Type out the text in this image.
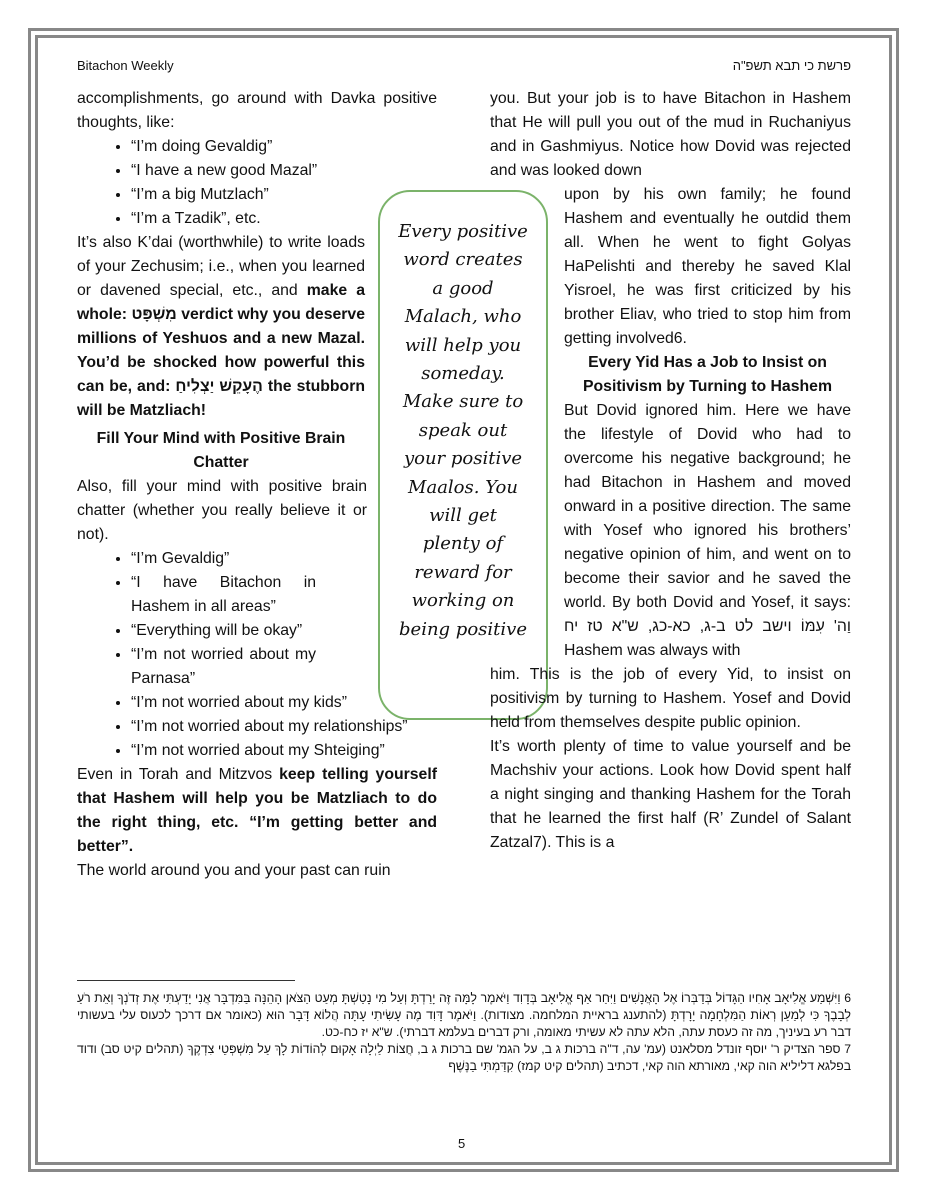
Bitachon Weekly	פרשת כי תבא תשפ"ה

accomplishments, go around with Davka positive thoughts, like:

• “I’m doing Gevaldig”
• “I have a new good Mazal”
• “I’m a big Mutzlach”
• “I’m a Tzadik”, etc.

It’s also K’dai (worthwhile) to write loads of your Zechusim; i.e., when you learned or davened special, etc., and make a whole: מִשְׁפָּט verdict why you deserve millions of Yeshuos and a new Mazal. You’d be shocked how powerful this can be, and: הֶעָקֵשׁ יַצְלִיחַ the stubborn will be Matzliach!

Fill Your Mind with Positive Brain Chatter

Also, fill your mind with positive brain chatter (whether you really believe it or not).

• “I’m Gevaldig”
• “I have Bitachon in Hashem in all areas”
• “Everything will be okay”
• “I’m not worried about my Parnasa”
• “I’m not worried about my kids”
• “I’m not worried about my relationships”
• “I’m not worried about my Shteiging”

Even in Torah and Mitzvos keep telling yourself that Hashem will help you be Matzliach to do the right thing, etc. “I’m getting better and better”.

The world around you and your past can ruin

Every positive word creates a good Malach, who will help you someday. Make sure to speak out your positive Maalos. You will get plenty of reward for working on being positive

you. But your job is to have Bitachon in Hashem that He will pull you out of the mud in Ruchaniyus and in Gashmiyus. Notice how Dovid was rejected and was looked down

upon by his own family; he found Hashem and eventually he outdid them all. When he went to fight Golyas HaPelishti and thereby he saved Klal Yisroel, he was first criticized by his brother Eliav, who tried to stop him from getting involved6.

Every Yid Has a Job to Insist on Positivism by Turning to Hashem

But Dovid ignored him. Here we have the lifestyle of Dovid who had to overcome his negative background; he had Bitachon in Hashem and moved onward in a positive direction. The same with Yosef who ignored his brothers’ negative opinion of him, and went on to become their savior and he saved the world. By both Dovid and Yosef, it says: וַה' עִמּוֹ וישב לט ב-ג, כא-כג, ש"א טז יח Hashem was always with

him. This is the job of every Yid, to insist on positivism by turning to Hashem. Yosef and Dovid held from themselves despite public opinion.

It’s worth plenty of time to value yourself and be Machshiv your actions. Look how Dovid spent half a night singing and thanking Hashem for the Torah that he learned the first half (R’ Zundel of Salant Zatzal7). This is a

6 וַיִּשְׁמַע אֱלִיאָב אָחִיו הַגָּדוֹל בְּדַבְּרוֹ אֶל הָאֲנָשִׁים וַיִּחַר אַף אֱלִיאָב בְּדָוִד וַיֹּאמֶר לָמָּה זֶּה יָרַדְתָּ וְעַל מִי נָטַשְׁתָּ מְעַט הַצֹּאן הָהֵנָּה בַּמִּדְבָּר אֲנִי יָדַעְתִּי אֶת זְדֹנְךָ וְאֵת רֹעַ לְבָבֶךָ כִּי לְמַעַן רְאוֹת הַמִּלְחָמָה יָרָדְתָּ (להתענג בראיית המלחמה. מצודות). וַיֹּאמֶר דָּוִד מֶה עָשִׂיתִי עָתָּה הֲלוֹא דָּבָר הוּא (כאומר אם דרכך לכעוס עלי בעשותי דבר רע בעיניך, מה זה כעסת עתה, הלא עתה לא עשיתי מאומה, ורק דברים בעלמא דברתי). ש"א יז כח-כט.

7 ספר הצדיק ר' יוסף זונדל מסלאנט (עמ' עה, ד"ה ברכות ג ב, על הגמ' שם ברכות ג ב, חֲצוֹת לַיְלָה אָקוּם לְהוֹדוֹת לָךְ עַל מִשְׁפְּטֵי צִדְקֶךָ (תהלים קיט סב) ודוד בפלגא דליליא הוה קאי, מאורתא הוה קאי, דכתיב (תהלים קיט קמז) קִדַּמְתִּי בַנֶּשֶׁף

5
